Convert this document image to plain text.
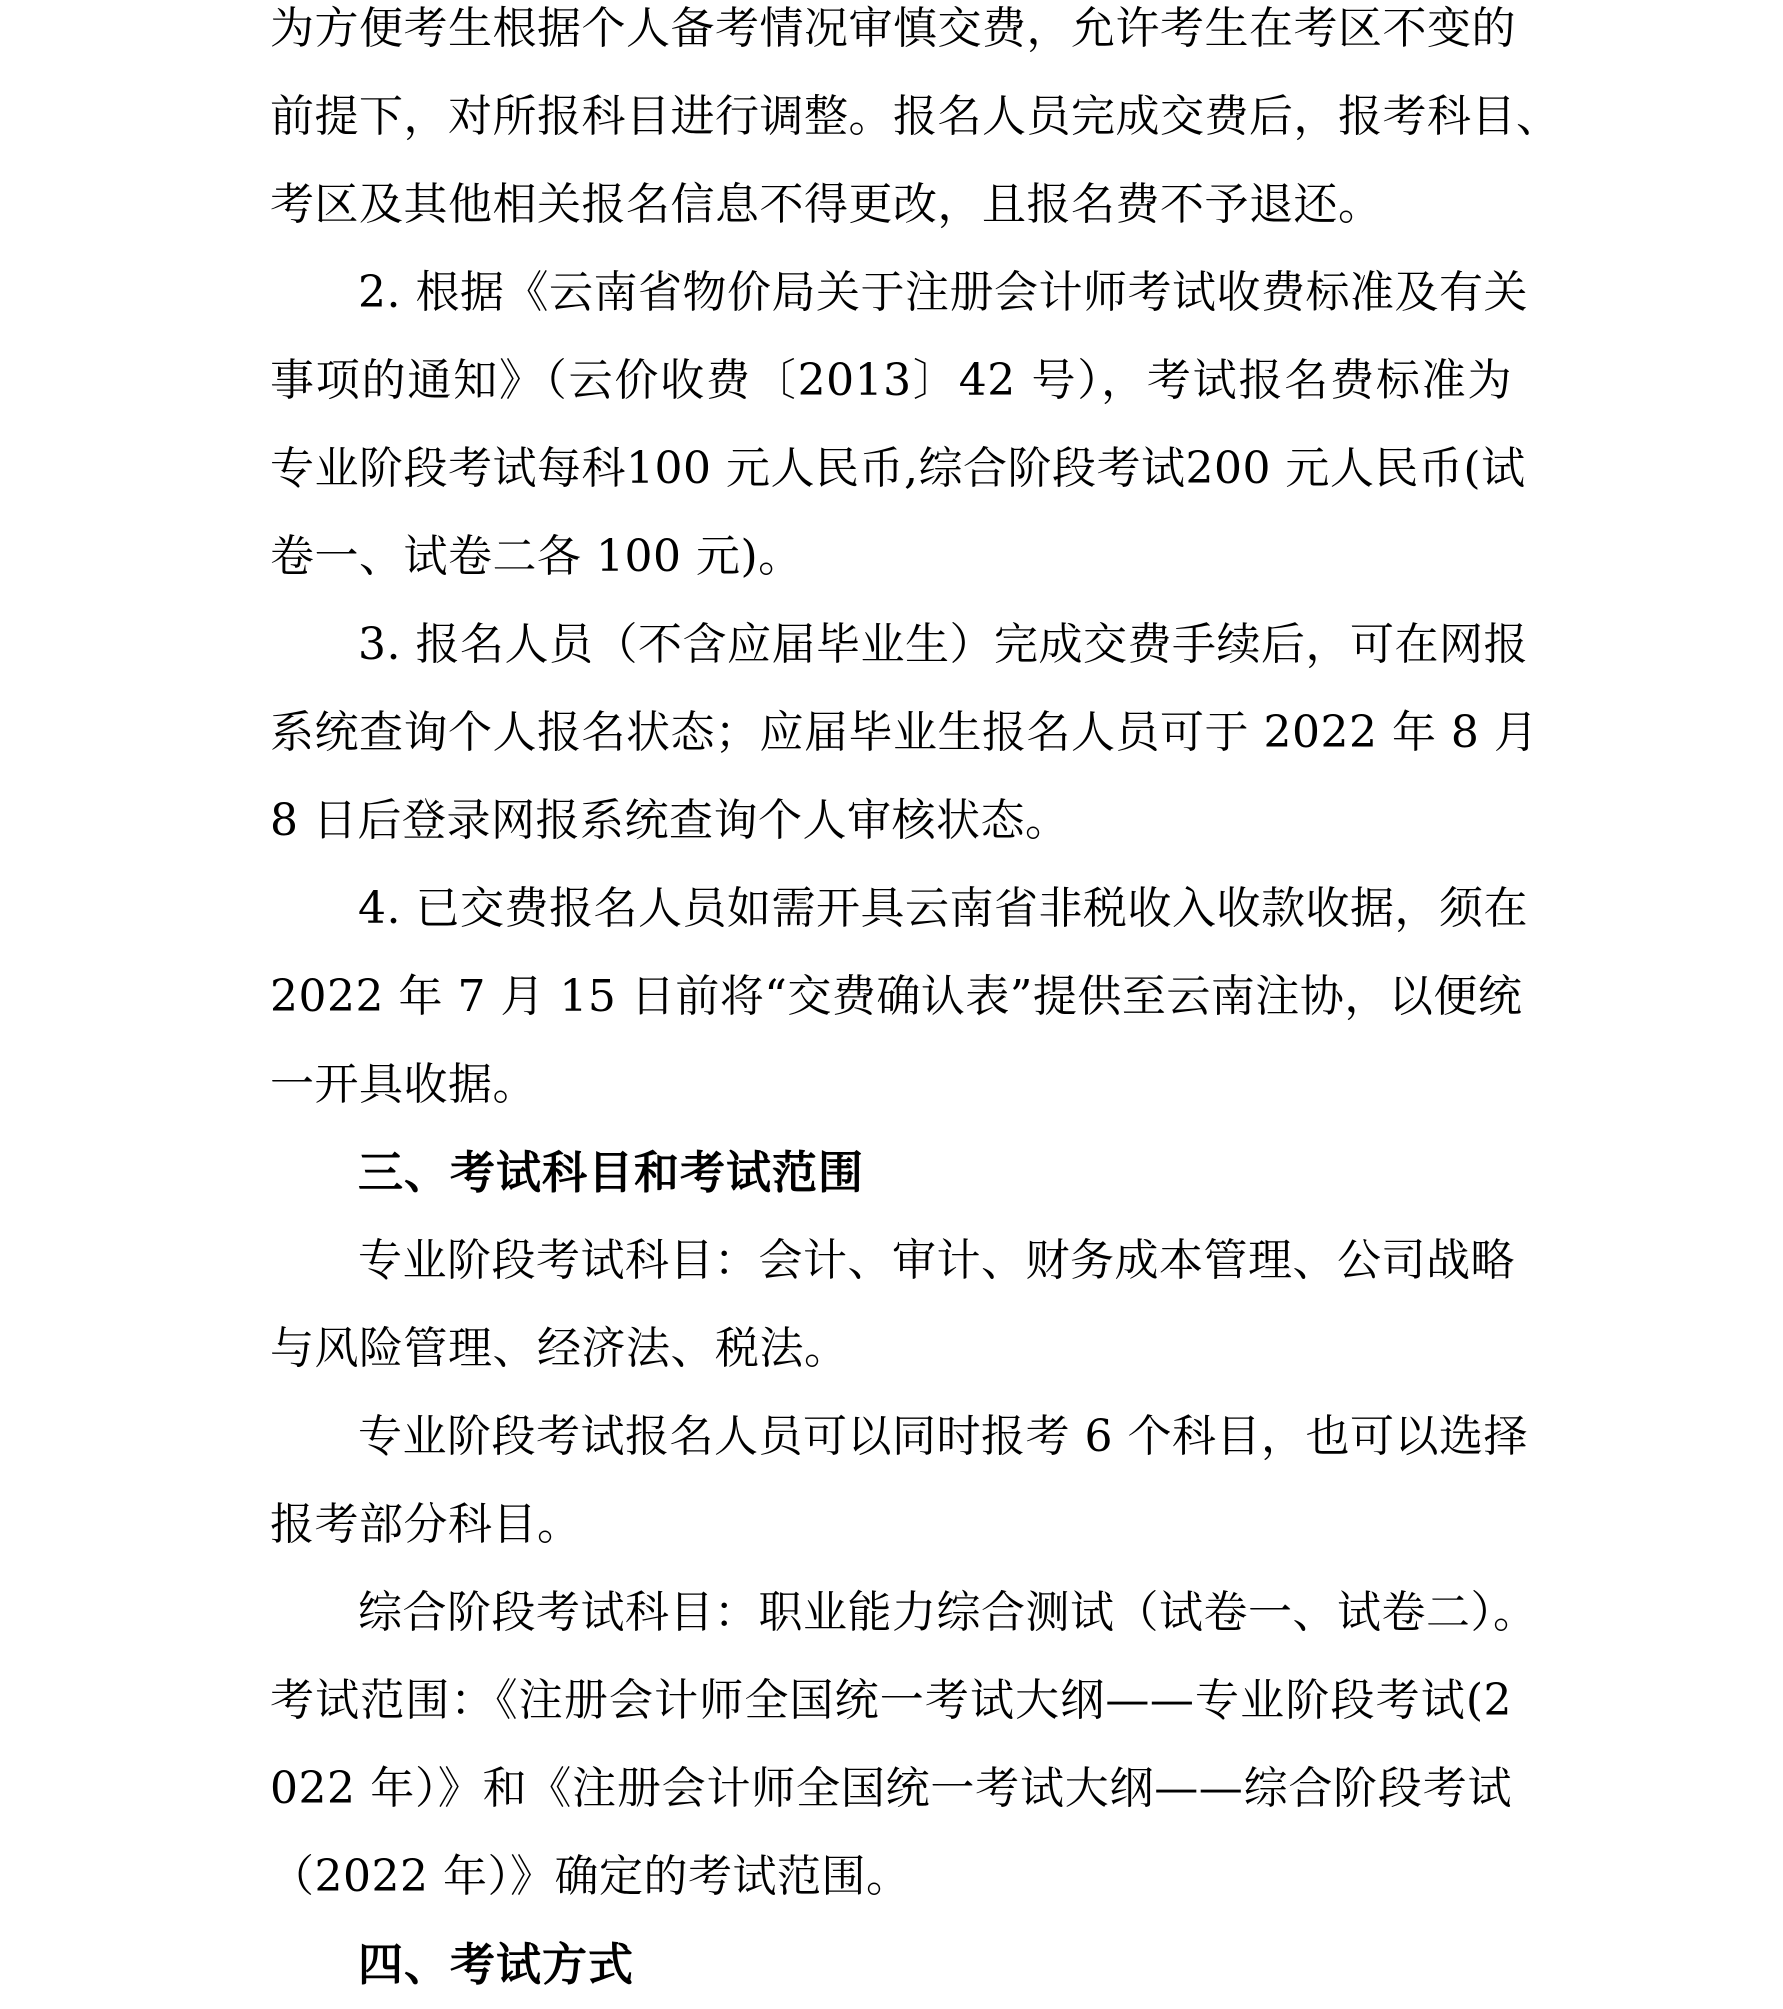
为方便考生根据个人备考情况审慎交费，允许考生在考区不变的
前提下，对所报科目进行调整。报名人员完成交费后，报考科目、
考区及其他相关报名信息不得更改，且报名费不予退还。
2. 根据《云南省物价局关于注册会计师考试收费标准及有关
事项的通知》（云价收费〔2013〕42 号），考试报名费标准为
专业阶段考试每科100 元人民币,综合阶段考试200 元人民币(试
卷一、试卷二各 100 元)。
3. 报名人员（不含应届毕业生）完成交费手续后，可在网报
系统查询个人报名状态；应届毕业生报名人员可于 2022 年 8 月
8 日后登录网报系统查询个人审核状态。
4. 已交费报名人员如需开具云南省非税收入收款收据，须在
2022 年 7 月 15 日前将“交费确认表”提供至云南注协，以便统
一开具收据。
三、考试科目和考试范围
专业阶段考试科目：会计、审计、财务成本管理、公司战略
与风险管理、经济法、税法。
专业阶段考试报名人员可以同时报考 6 个科目，也可以选择
报考部分科目。
综合阶段考试科目：职业能力综合测试（试卷一、试卷二）。
考试范围：《注册会计师全国统一考试大纲——专业阶段考试(2
022 年）》和《注册会计师全国统一考试大纲——综合阶段考试
（2022 年）》确定的考试范围。
四、考试方式
